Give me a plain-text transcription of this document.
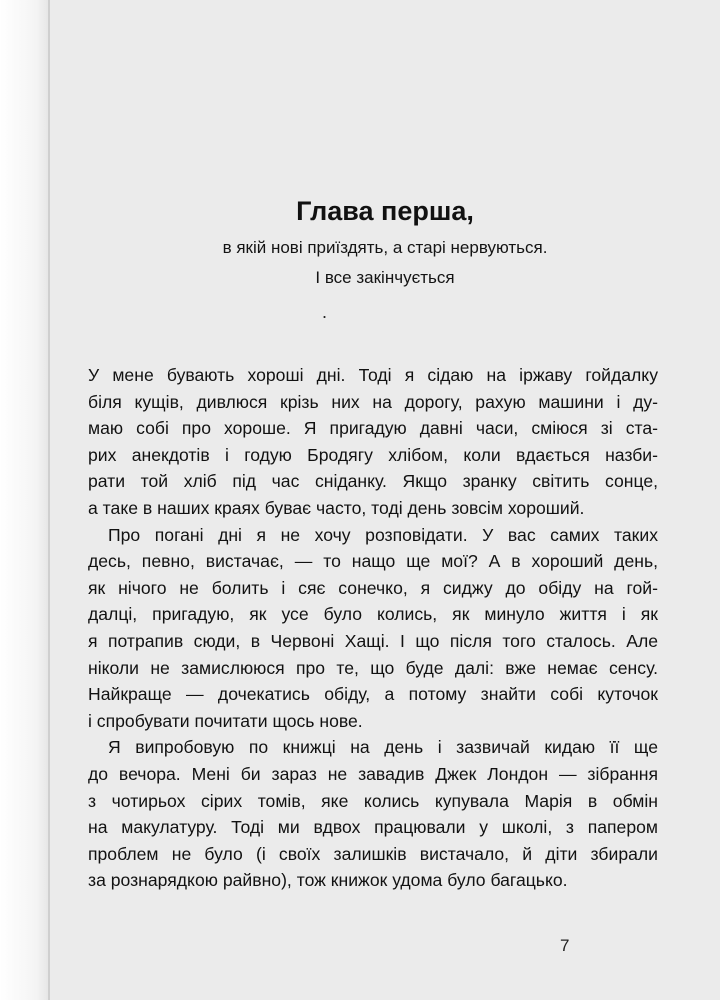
Глава перша,

в якій нові приїздять, а старі нервуються.

І все закінчується

.
У мене бувають хороші дні. Тоді я сідаю на іржаву гойдалку
біля кущів, дивлюся крізь них на дорогу, рахую машини і ду-
маю собі про хороше. Я пригадую давні часи, сміюся зі ста-
рих анекдотів і годую Бродягу хлібом, коли вдається назби-
рати той хліб під час сніданку. Якщо зранку світить сонце,
а таке в наших краях буває часто, тоді день зовсім хороший.
Про погані дні я не хочу розповідати. У вас самих таких
десь, певно, вистачає, — то нащо ще мої? А в хороший день,
як нічого не болить і сяє сонечко, я сиджу до обіду на гой-
далці, пригадую, як усе було колись, як минуло життя і як
я потрапив сюди, в Червоні Хащі. І що після того сталось. Але
ніколи не замислююся про те, що буде далі: вже немає сенсу.
Найкраще — дочекатись обіду, а потому знайти собі куточок
і спробувати почитати щось нове.
Я випробовую по книжці на день і зазвичай кидаю її ще
до вечора. Мені би зараз не завадив Джек Лондон — зібрання
з чотирьох сірих томів, яке колись купувала Марія в обмін
на макулатуру. Тоді ми вдвох працювали у школі, з папером
проблем не було (і своїх залишків вистачало, й діти збирали
за рознарядкою райвно), тож книжок удома було багацько.
7
